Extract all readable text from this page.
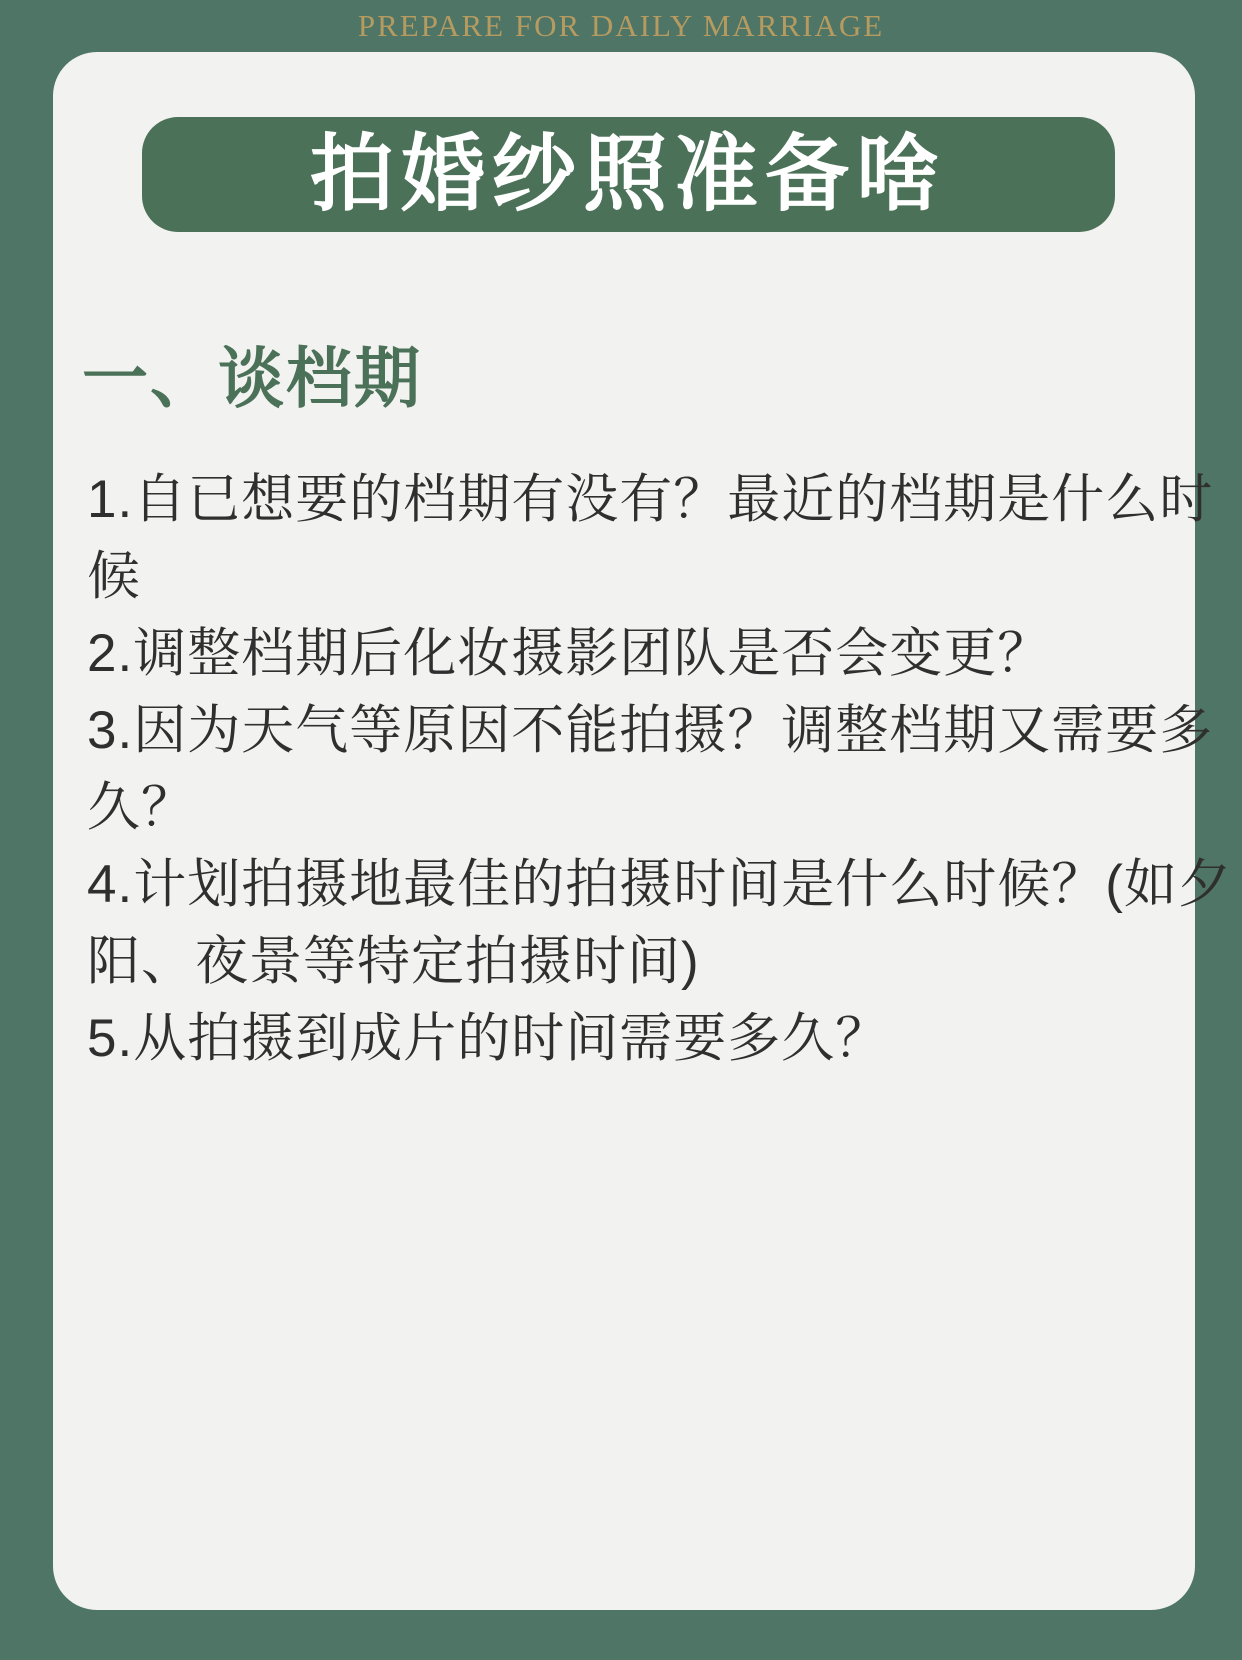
PREPARE FOR DAILY MARRIAGE
拍婚纱照准备啥
一、谈档期
1.自已想要的档期有没有？最近的档期是什么时
候
2.调整档期后化妆摄影团队是否会变更？
3.因为天气等原因不能拍摄？调整档期又需要多
久？
4.计划拍摄地最佳的拍摄时间是什么时候？(如夕
阳、夜景等特定拍摄时间)
5.从拍摄到成片的时间需要多久？
